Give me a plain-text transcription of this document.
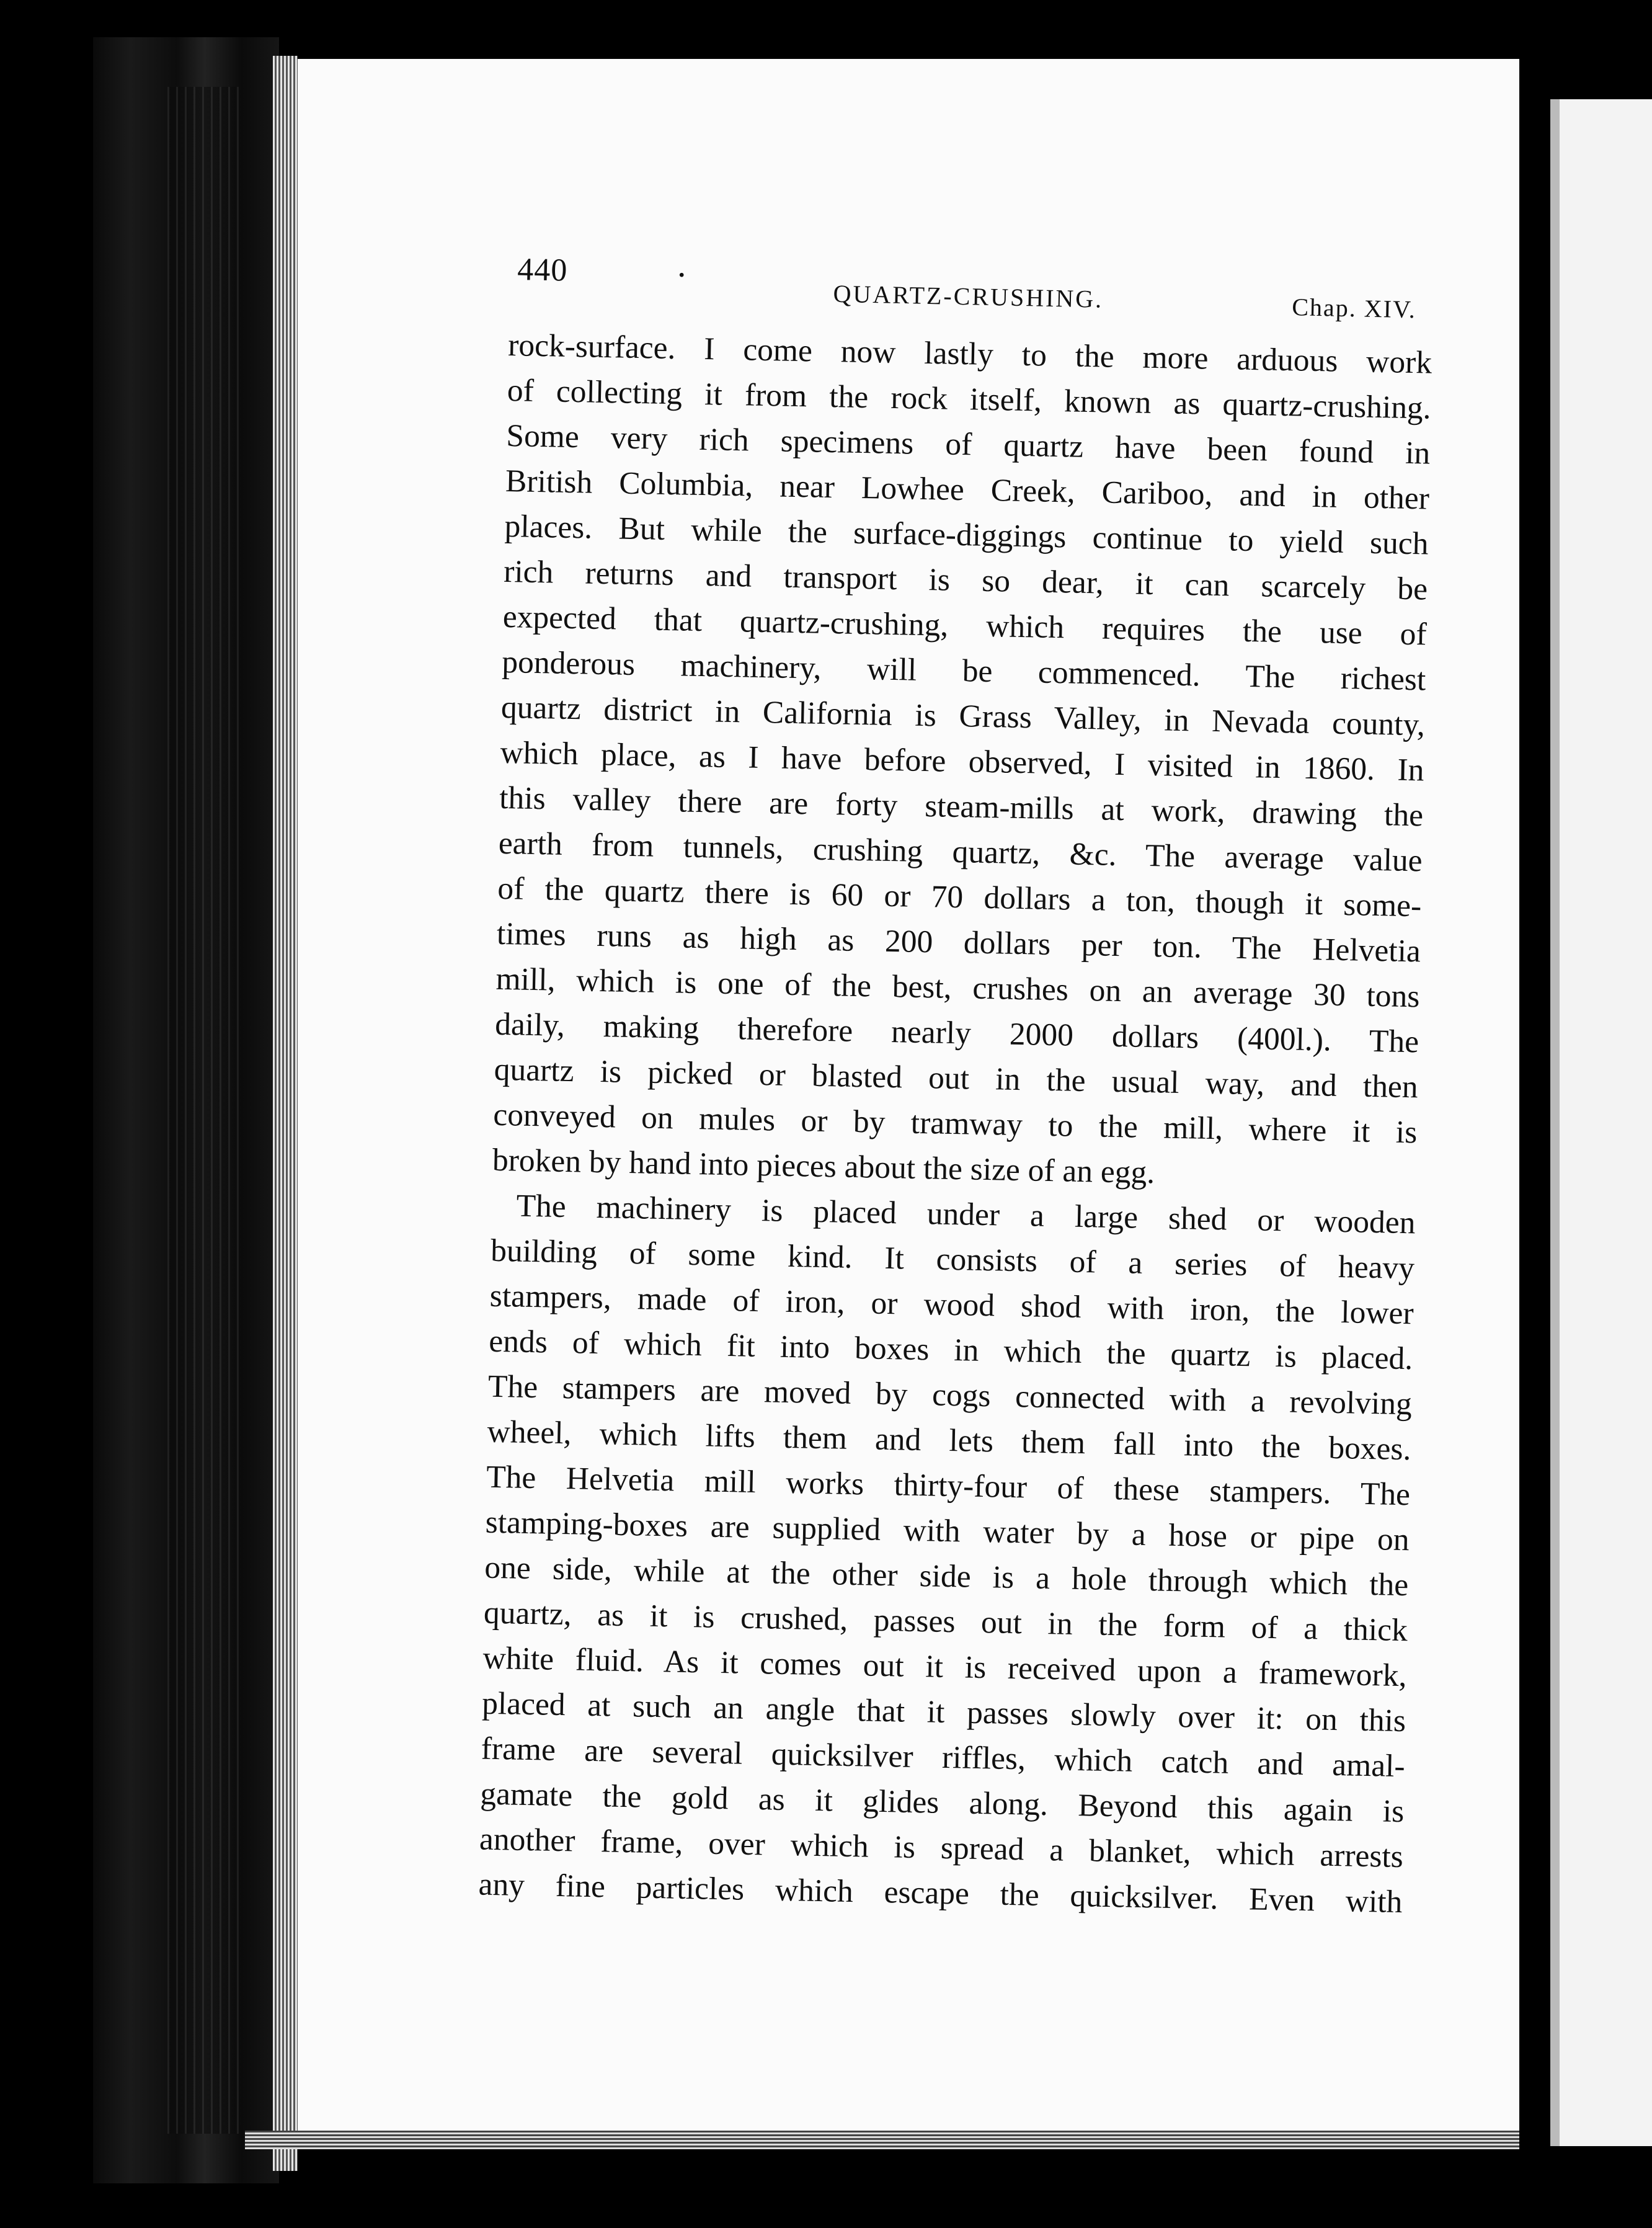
440	•
QUARTZ-CRUSHING.	Chap. XIV.
rock-surface. I come now lastly to the more arduous work
of collecting it from the rock itself, known as quartz-crushing.
Some very rich specimens of quartz have been found in
British Columbia, near Lowhee Creek, Cariboo, and in other
places. But while the surface-diggings continue to yield such
rich returns and transport is so dear, it can scarcely be
expected that quartz-crushing, which requires the use of
ponderous machinery, will be commenced. The richest
quartz district in California is Grass Valley, in Nevada county,
which place, as I have before observed, I visited in 1860. In
this valley there are forty steam-mills at work, drawing the
earth from tunnels, crushing quartz, &c. The average value
of the quartz there is 60 or 70 dollars a ton, though it some-
times runs as high as 200 dollars per ton. The Helvetia
mill, which is one of the best, crushes on an average 30 tons
daily, making therefore nearly 2000 dollars (400l.). The
quartz is picked or blasted out in the usual way, and then
conveyed on mules or by tramway to the mill, where it is
broken by hand into pieces about the size of an egg.
The machinery is placed under a large shed or wooden
building of some kind. It consists of a series of heavy
stampers, made of iron, or wood shod with iron, the lower
ends of which fit into boxes in which the quartz is placed.
The stampers are moved by cogs connected with a revolving
wheel, which lifts them and lets them fall into the boxes.
The Helvetia mill works thirty-four of these stampers. The
stamping-boxes are supplied with water by a hose or pipe on
one side, while at the other side is a hole through which the
quartz, as it is crushed, passes out in the form of a thick
white fluid. As it comes out it is received upon a framework,
placed at such an angle that it passes slowly over it: on this
frame are several quicksilver riffles, which catch and amal-
gamate the gold as it glides along. Beyond this again is
another frame, over which is spread a blanket, which arrests
any fine particles which escape the quicksilver. Even with
